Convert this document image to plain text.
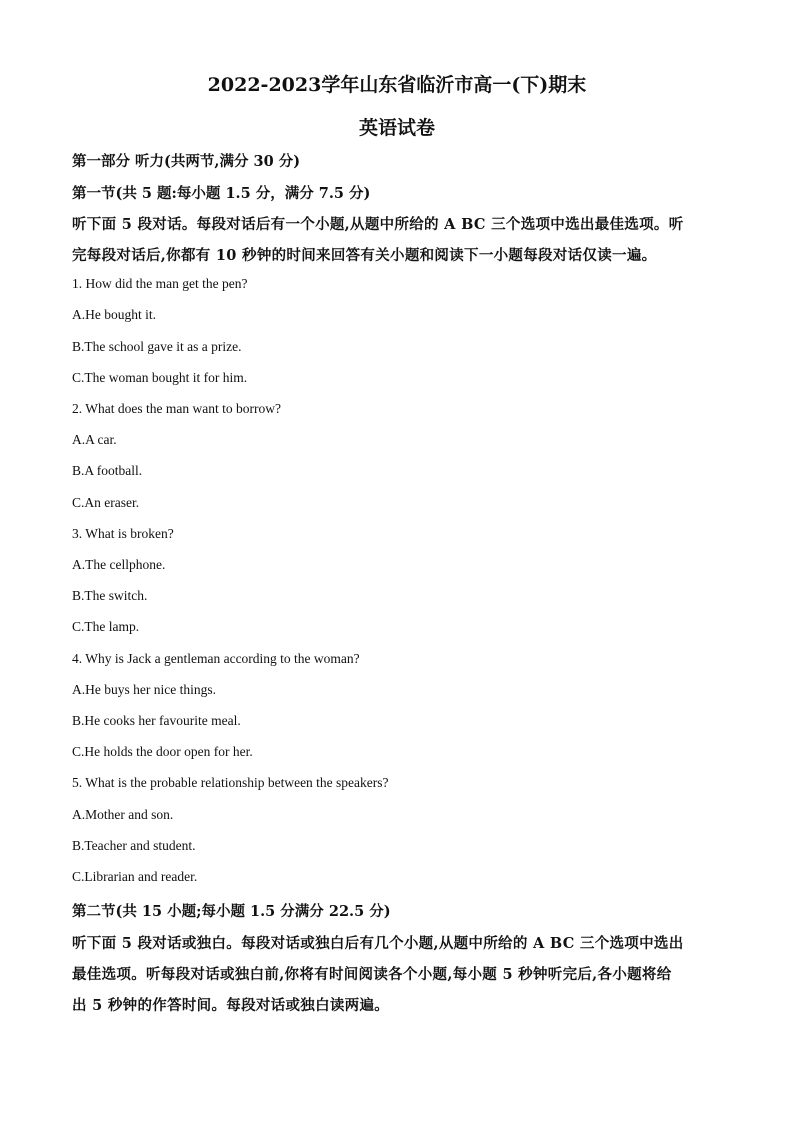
2022-2023学年山东省临沂市高一(下)期末
英语试卷
第一部分 听力(共两节,满分 30 分)
第一节(共 5 题:每小题 1.5 分，满分 7.5 分)
听下面 5 段对话。每段对话后有一个小题,从题中所给的 A BC 三个选项中选出最佳选项。听
完每段对话后,你都有 10 秒钟的时间来回答有关小题和阅读下一小题每段对话仅读一遍。
1. How did the man get the pen?
A.He bought it.
B.The school gave it as a prize.
C.The woman bought it for him.
2. What does the man want to borrow?
A.A car.
B.A football.
C.An eraser.
3. What is broken?
A.The cellphone.
B.The switch.
C.The lamp.
4. Why is Jack a gentleman according to the woman?
A.He buys her nice things.
B.He cooks her favourite meal.
C.He holds the door open for her.
5. What is the probable relationship between the speakers?
A.Mother and son.
B.Teacher and student.
C.Librarian and reader.
第二节(共 15 小题;每小题 1.5 分满分 22.5 分)
听下面 5 段对话或独白。每段对话或独白后有几个小题,从题中所给的 A BC 三个选项中选出
最佳选项。听每段对话或独白前,你将有时间阅读各个小题,每小题 5 秒钟听完后,各小题将给
出 5 秒钟的作答时间。每段对话或独白读两遍。
